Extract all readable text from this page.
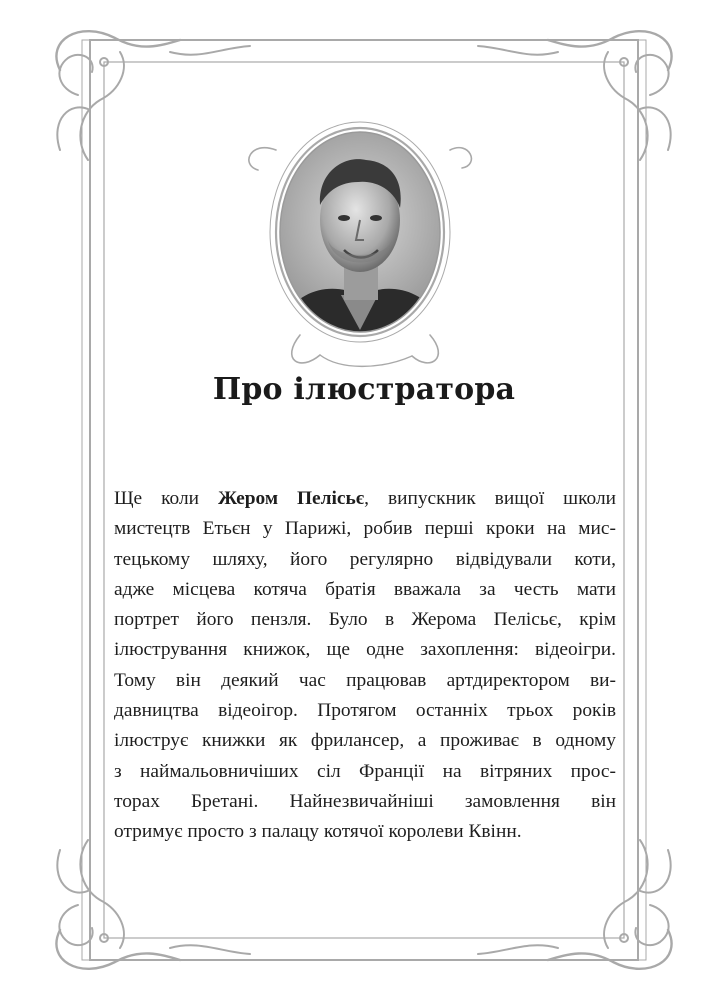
Про ілюстратора
Ще коли Жером Пелісьє, випускник вищої школи
мистецтв Етьєн у Парижі, робив перші кроки на мис-
тецькому шляху, його регулярно відвідували коти,
адже місцева котяча братія вважала за честь мати
портрет його пензля. Було в Жерома Пелісьє, крім
ілюстрування книжок, ще одне захоплення: відеоігри.
Тому він деякий час працював артдиректором ви-
давництва відеоігор. Протягом останніх трьох років
ілюструє книжки як фрилансер, а проживає в одному
з наймальовничіших сіл Франції на вітряних прос-
торах Бретані. Найнезвичайніші замовлення він
отримує просто з палацу котячої королеви Квінн.
